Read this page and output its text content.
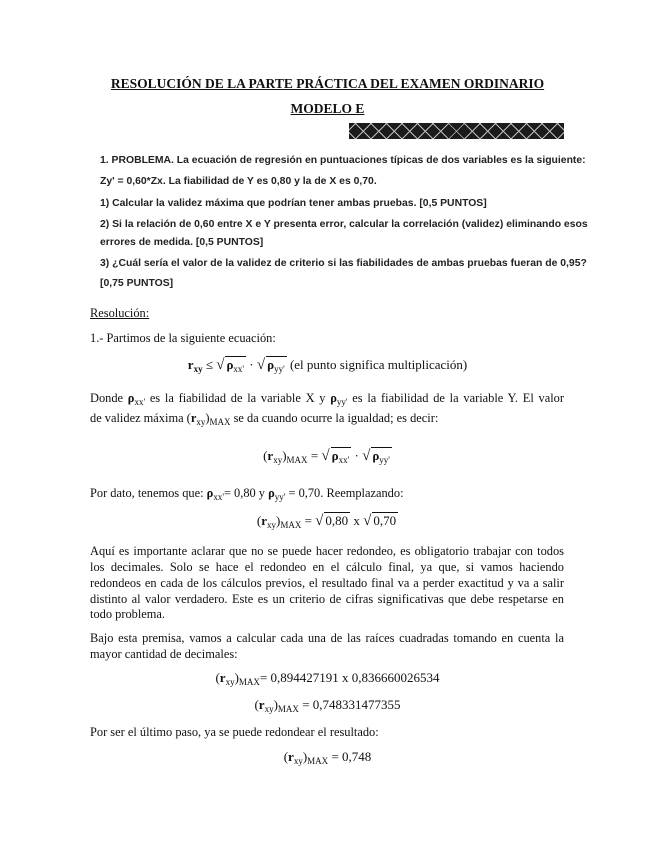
RESOLUCIÓN DE LA PARTE PRÁCTICA DEL EXAMEN ORDINARIO
MODELO E
1. PROBLEMA. La ecuación de regresión en puntuaciones típicas de dos variables es la siguiente:
Zy' = 0,60*Zx. La fiabilidad de Y es 0,80 y la de X es 0,70.
1) Calcular la validez máxima que podrían tener ambas pruebas. [0,5 PUNTOS]
2) Si la relación de 0,60 entre X e Y presenta error, calcular la correlación (validez) eliminando esos
errores de medida. [0,5 PUNTOS]
3) ¿Cuál sería el valor de la validez de criterio si las fiabilidades de ambas pruebas fueran de 0,95?
[0,75 PUNTOS]
Resolución:
1.- Partimos de la siguiente ecuación:
$r_{xy}$ ≤ √ $\rho_{xx'}$ · √ $\rho_{yy'}$ (el punto significa multiplicación)
Donde $\rho_{xx'}$ es la fiabilidad de la variable X y $\rho_{yy'}$ es la fiabilidad de la variable Y. El valor
de validez máxima $(r_{xy})_{MAX}$ se da cuando ocurre la igualdad; es decir:
$(r_{xy})_{MAX}$ = √ $\rho_{xx'}$ · √ $\rho_{yy'}$
Por dato, tenemos que: $\rho_{xx'}= 0,80$ y $\rho_{yy'} = 0,70$. Reemplazando:
$(r_{xy})_{MAX}$ = √ 0,80 x √ 0,70
Aquí es importante aclarar que no se puede hacer redondeo, es obligatorio trabajar con todos
los decimales. Solo se hace el redondeo en el cálculo final, ya que, si vamos haciendo
redondeos en cada de los cálculos previos, el resultado final va a perder exactitud y va a salir
distinto al valor verdadero. Este es un criterio de cifras significativas que debe respetarse en
todo problema.
Bajo esta premisa, vamos a calcular cada una de las raíces cuadradas tomando en cuenta la
mayor cantidad de decimales:
$(r_{xy})_{MAX}= 0,894427191$ x 0,836660026534
$(r_{xy})_{MAX} = 0,748331477355$
Por ser el último paso, ya se puede redondear el resultado:
$(r_{xy})_{MAX} = 0,748$
